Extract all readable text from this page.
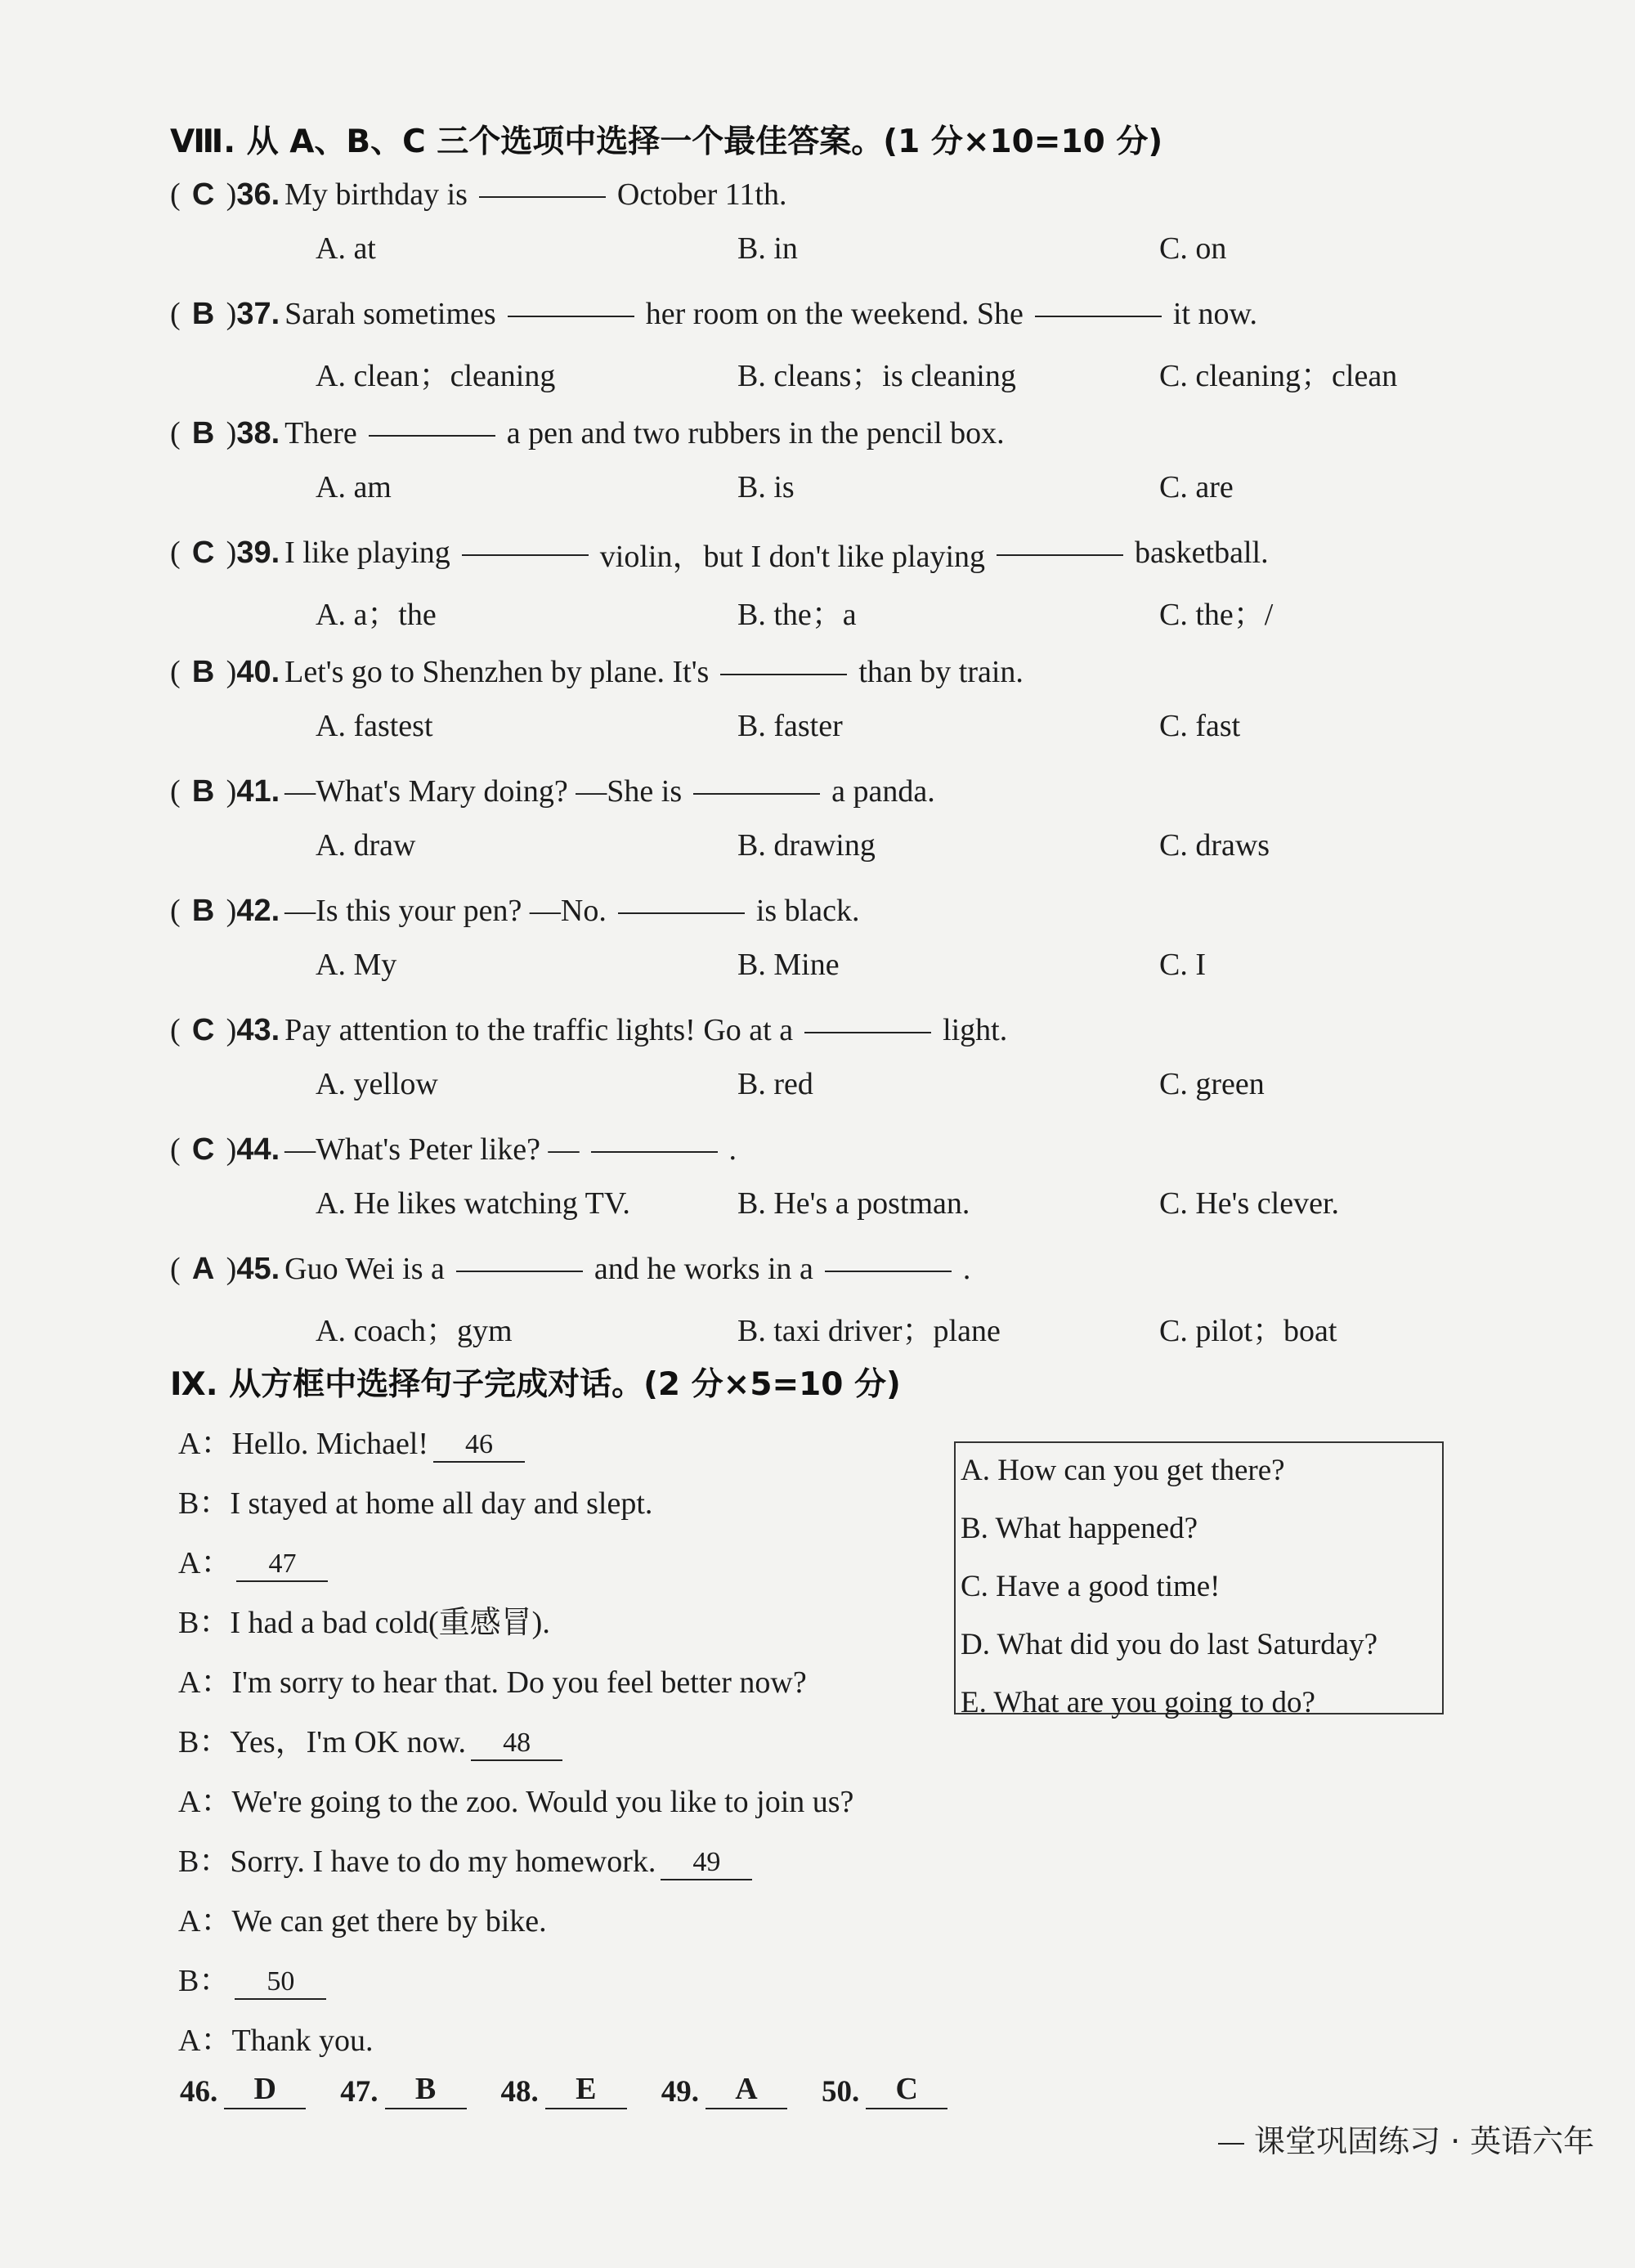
Ⅷ. 从 A、B、C 三个选项中选择一个最佳答案。(1 分×10=10 分)
( C ) 36. My birthday is	October 11th.
A. at	B. in	C. on
( B ) 37. Sarah sometimes	her room on the weekend. She	it now.
A. clean；cleaning	B. cleans；is cleaning	C. cleaning；clean
( B ) 38. There	a pen and two rubbers in the pencil box.
A. am	B. is	C. are
( C ) 39. I like playing	violin，but I don't like playing	basketball.
A. a；the	B. the；a	C. the；/
( B ) 40. Let's go to Shenzhen by plane. It's	than by train.
A. fastest	B. faster	C. fast
( B ) 41. —What's Mary doing? —She is	a panda.
A. draw	B. drawing	C. draws
( B ) 42. —Is this your pen? —No.	is black.
A. My	B. Mine	C. I
( C ) 43. Pay attention to the traffic lights! Go at a	light.
A. yellow	B. red	C. green
( C ) 44. —What's Peter like? —	.
A. He likes watching TV.	B. He's a postman.	C. He's clever.
( A ) 45. Guo Wei is a	and he works in a	.
A. coach；gym	B. taxi driver；plane	C. pilot；boat
Ⅸ. 从方框中选择句子完成对话。(2 分×5=10 分)
A：Hello. Michael!	46
B：I stayed at home all day and slept.
A：	47
B：I had a bad cold(重感冒).
A：I'm sorry to hear that. Do you feel better now?
B：Yes，I'm OK now.	48
A：We're going to the zoo. Would you like to join us?
B：Sorry. I have to do my homework.	49
A：We can get there by bike.
B：	50
A：Thank you.
A. How can you get there?
B. What happened?
C. Have a good time!
D. What did you do last Saturday?
E. What are you going to do?
46.	D	47.	B	48.	E	49.	A	50.	C
课堂巩固练习 · 英语六年
